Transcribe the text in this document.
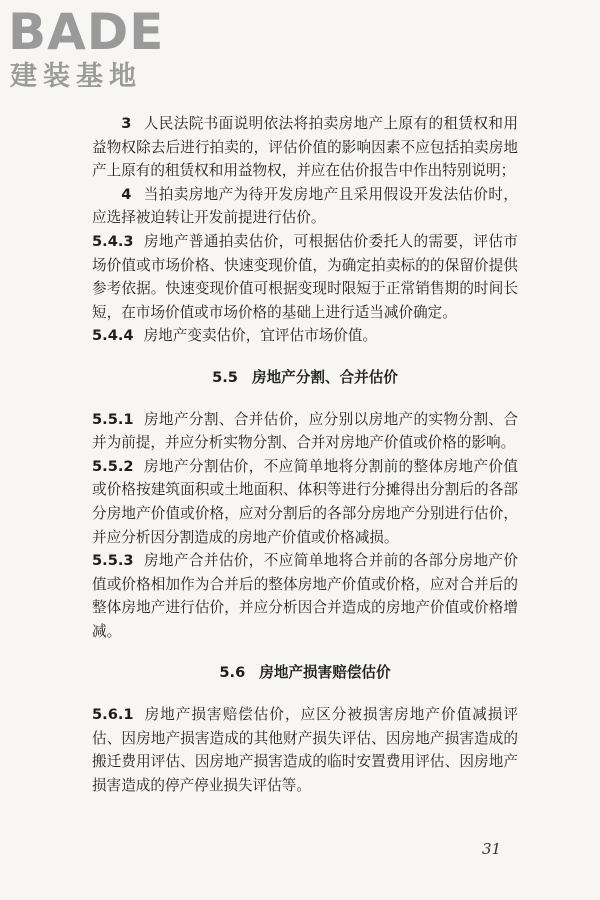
BADE
建装基地

3 人民法院书面说明依法将拍卖房地产上原有的租赁权和用益物权除去后进行拍卖的，评估价值的影响因素不应包括拍卖房地产上原有的租赁权和用益物权，并应在估价报告中作出特别说明；

4 当拍卖房地产为待开发房地产且采用假设开发法估价时，应选择被迫转让开发前提进行估价。

5.4.3 房地产普通拍卖估价，可根据估价委托人的需要，评估市场价值或市场价格、快速变现价值，为确定拍卖标的的保留价提供参考依据。快速变现价值可根据变现时限短于正常销售期的时间长短，在市场价值或市场价格的基础上进行适当减价确定。

5.4.4 房地产变卖估价，宜评估市场价值。

5.5 房地产分割、合并估价

5.5.1 房地产分割、合并估价，应分别以房地产的实物分割、合并为前提，并应分析实物分割、合并对房地产价值或价格的影响。

5.5.2 房地产分割估价，不应简单地将分割前的整体房地产价值或价格按建筑面积或土地面积、体积等进行分摊得出分割后的各部分房地产价值或价格，应对分割后的各部分房地产分别进行估价，并应分析因分割造成的房地产价值或价格减损。

5.5.3 房地产合并估价，不应简单地将合并前的各部分房地产价值或价格相加作为合并后的整体房地产价值或价格，应对合并后的整体房地产进行估价，并应分析因合并造成的房地产价值或价格增减。

5.6 房地产损害赔偿估价

5.6.1 房地产损害赔偿估价，应区分被损害房地产价值减损评估、因房地产损害造成的其他财产损失评估、因房地产损害造成的搬迁费用评估、因房地产损害造成的临时安置费用评估、因房地产损害造成的停产停业损失评估等。

31
